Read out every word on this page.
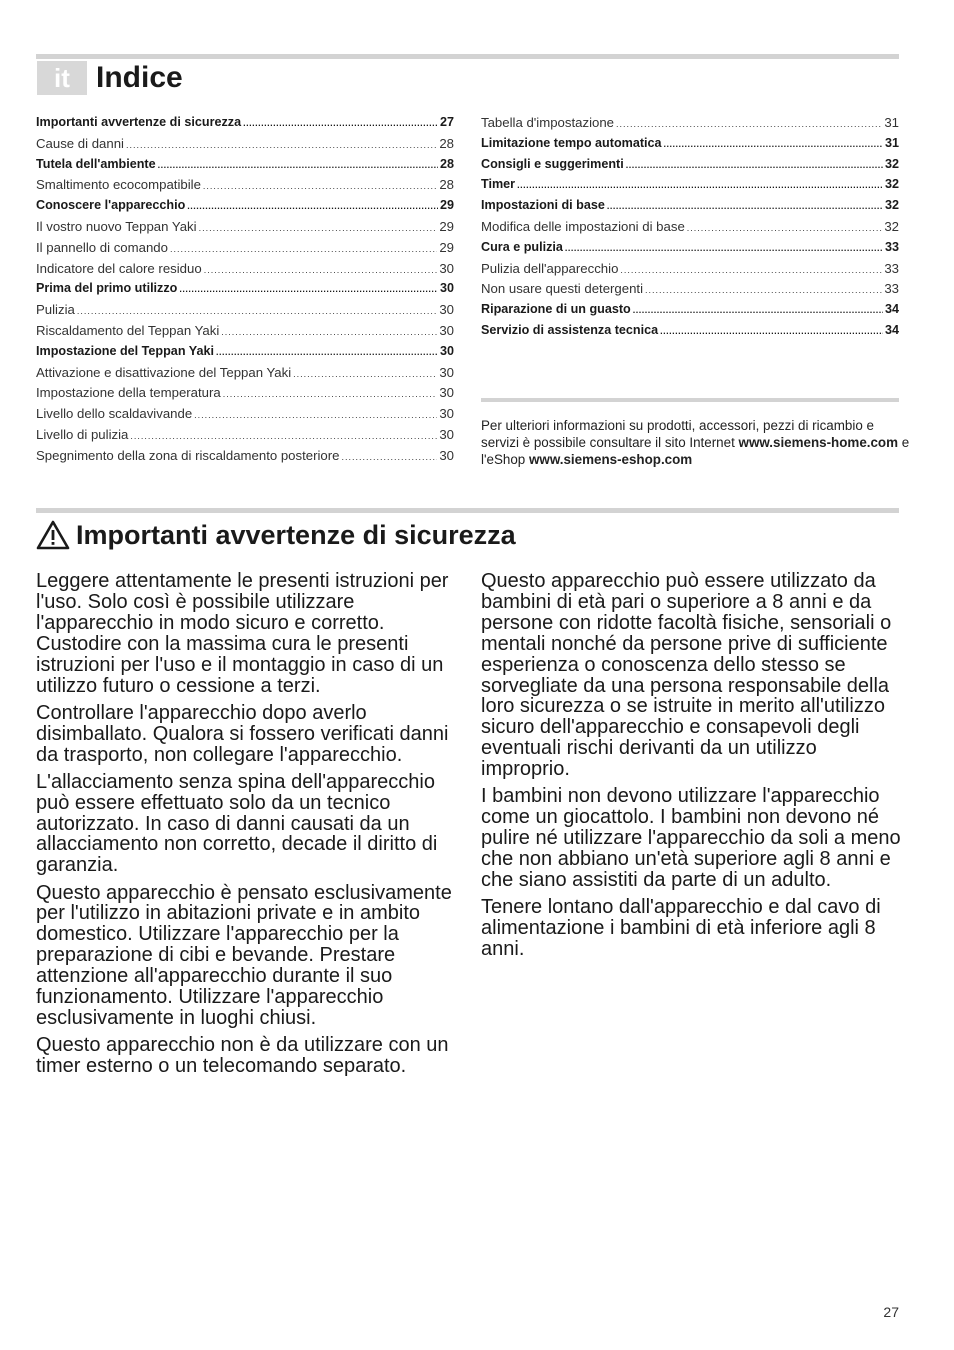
it Indice
Importanti avvertenze di sicurezza .....	27
Cause di danni .....	28
Tutela dell'ambiente .....	28
Smaltimento ecocompatibile .....	28
Conoscere l'apparecchio .....	29
Il vostro nuovo Teppan Yaki .....	29
Il pannello di comando .....	29
Indicatore del calore residuo .....	30
Prima del primo utilizzo .....	30
Pulizia .....	30
Riscaldamento del Teppan Yaki .....	30
Impostazione del Teppan Yaki .....	30
Attivazione e disattivazione del Teppan Yaki .....	30
Impostazione della temperatura .....	30
Livello dello scaldavivande .....	30
Livello di pulizia .....	30
Spegnimento della zona di riscaldamento posteriore .....	30
Tabella d'impostazione .....	31
Limitazione tempo automatica .....	31
Consigli e suggerimenti .....	32
Timer .....	32
Impostazioni di base .....	32
Modifica delle impostazioni di base .....	32
Cura e pulizia .....	33
Pulizia dell'apparecchio .....	33
Non usare questi detergenti .....	33
Riparazione di un guasto .....	34
Servizio di assistenza tecnica .....	34
Per ulteriori informazioni su prodotti, accessori, pezzi di ricambio e servizi è possibile consultare il sito Internet www.siemens-home.com e l'eShop www.siemens-eshop.com
Importanti avvertenze di sicurezza

Leggere attentamente le presenti istruzioni per l'uso. Solo così è possibile utilizzare l'apparecchio in modo sicuro e corretto. Custodire con la massima cura le presenti istruzioni per l'uso e il montaggio in caso di un utilizzo futuro o cessione a terzi.

Controllare l'apparecchio dopo averlo disimballato. Qualora si fossero verificati danni da trasporto, non collegare l'apparecchio.

L'allacciamento senza spina dell'apparecchio può essere effettuato solo da un tecnico autorizzato. In caso di danni causati da un allacciamento non corretto, decade il diritto di garanzia.

Questo apparecchio è pensato esclusivamente per l'utilizzo in abitazioni private e in ambito domestico. Utilizzare l'apparecchio per la preparazione di cibi e bevande. Prestare attenzione all'apparecchio durante il suo funzionamento. Utilizzare l'apparecchio esclusivamente in luoghi chiusi.

Questo apparecchio non è da utilizzare con un timer esterno o un telecomando separato.

Questo apparecchio può essere utilizzato da bambini di età pari o superiore a 8 anni e da persone con ridotte facoltà fisiche, sensoriali o mentali nonché da persone prive di sufficiente esperienza o conoscenza dello stesso se sorvegliate da una persona responsabile della loro sicurezza o se istruite in merito all'utilizzo sicuro dell'apparecchio e consapevoli degli eventuali rischi derivanti da un utilizzo improprio.

I bambini non devono utilizzare l'apparecchio come un giocattolo. I bambini non devono né pulire né utilizzare l'apparecchio da soli a meno che non abbiano un'età superiore agli 8 anni e che siano assistiti da parte di un adulto.

Tenere lontano dall'apparecchio e dal cavo di alimentazione i bambini di età inferiore agli 8 anni.

27
